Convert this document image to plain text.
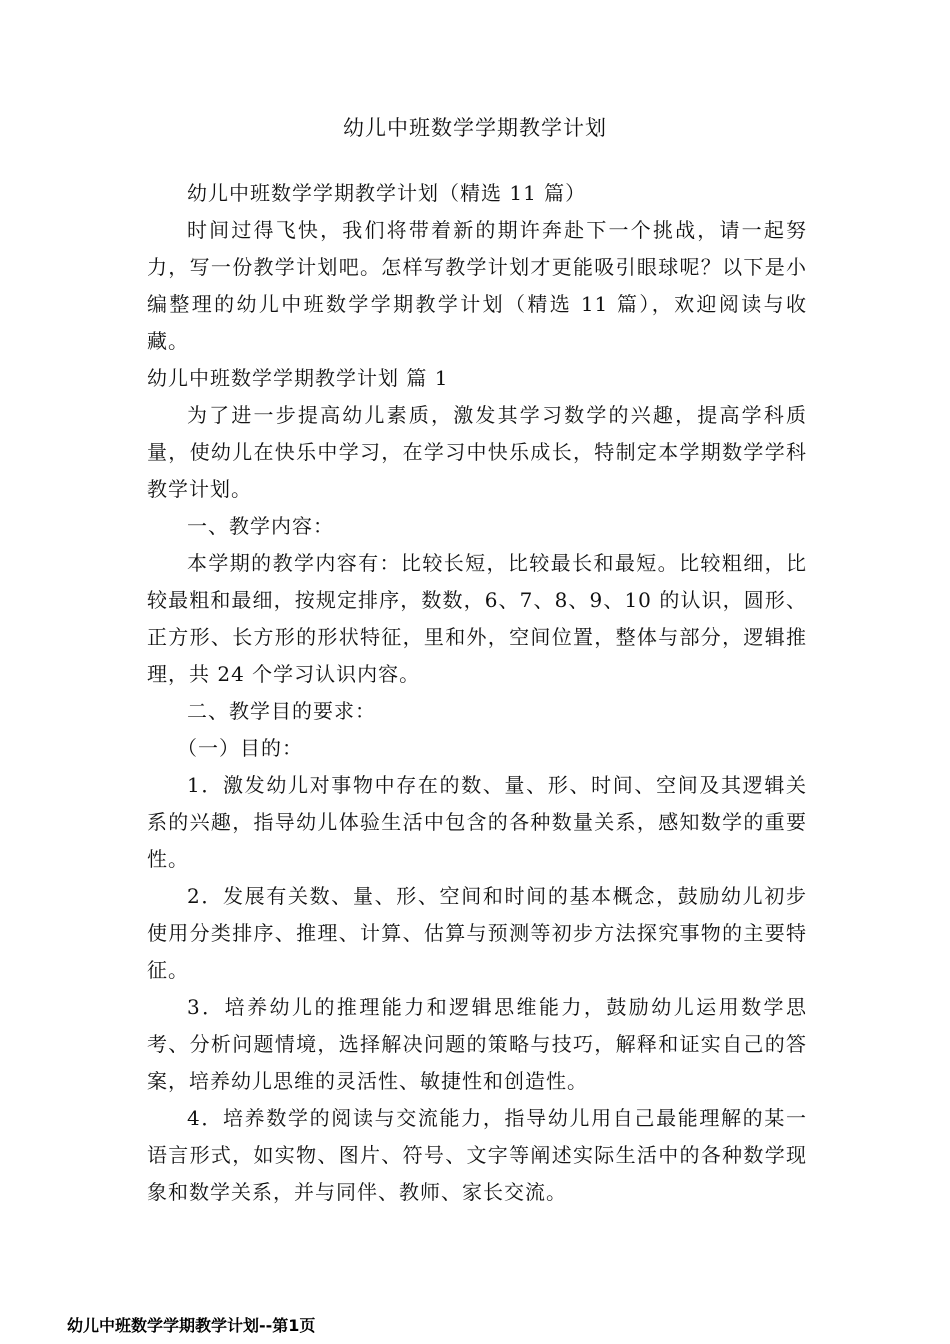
幼儿中班数学学期教学计划

幼儿中班数学学期教学计划（精选 11 篇）

时间过得飞快，我们将带着新的期许奔赴下一个挑战，请一起努力，写一份教学计划吧。怎样写教学计划才更能吸引眼球呢？以下是小编整理的幼儿中班数学学期教学计划（精选 11 篇），欢迎阅读与收藏。

幼儿中班数学学期教学计划 篇 1

为了进一步提高幼儿素质，激发其学习数学的兴趣，提高学科质量，使幼儿在快乐中学习，在学习中快乐成长，特制定本学期数学学科教学计划。

一、教学内容：

本学期的教学内容有：比较长短，比较最长和最短。比较粗细，比较最粗和最细，按规定排序，数数，6、7、8、9、10 的认识，圆形、正方形、长方形的形状特征，里和外，空间位置，整体与部分，逻辑推理，共 24 个学习认识内容。

二、教学目的要求：

（一）目的：

1．激发幼儿对事物中存在的数、量、形、时间、空间及其逻辑关系的兴趣，指导幼儿体验生活中包含的各种数量关系，感知数学的重要性。

2．发展有关数、量、形、空间和时间的基本概念，鼓励幼儿初步使用分类排序、推理、计算、估算与预测等初步方法探究事物的主要特征。

3．培养幼儿的推理能力和逻辑思维能力，鼓励幼儿运用数学思考、分析问题情境，选择解决问题的策略与技巧，解释和证实自己的答案，培养幼儿思维的灵活性、敏捷性和创造性。

4．培养数学的阅读与交流能力，指导幼儿用自己最能理解的某一语言形式，如实物、图片、符号、文字等阐述实际生活中的各种数学现象和数学关系，并与同伴、教师、家长交流。

幼儿中班数学学期教学计划--第1页
